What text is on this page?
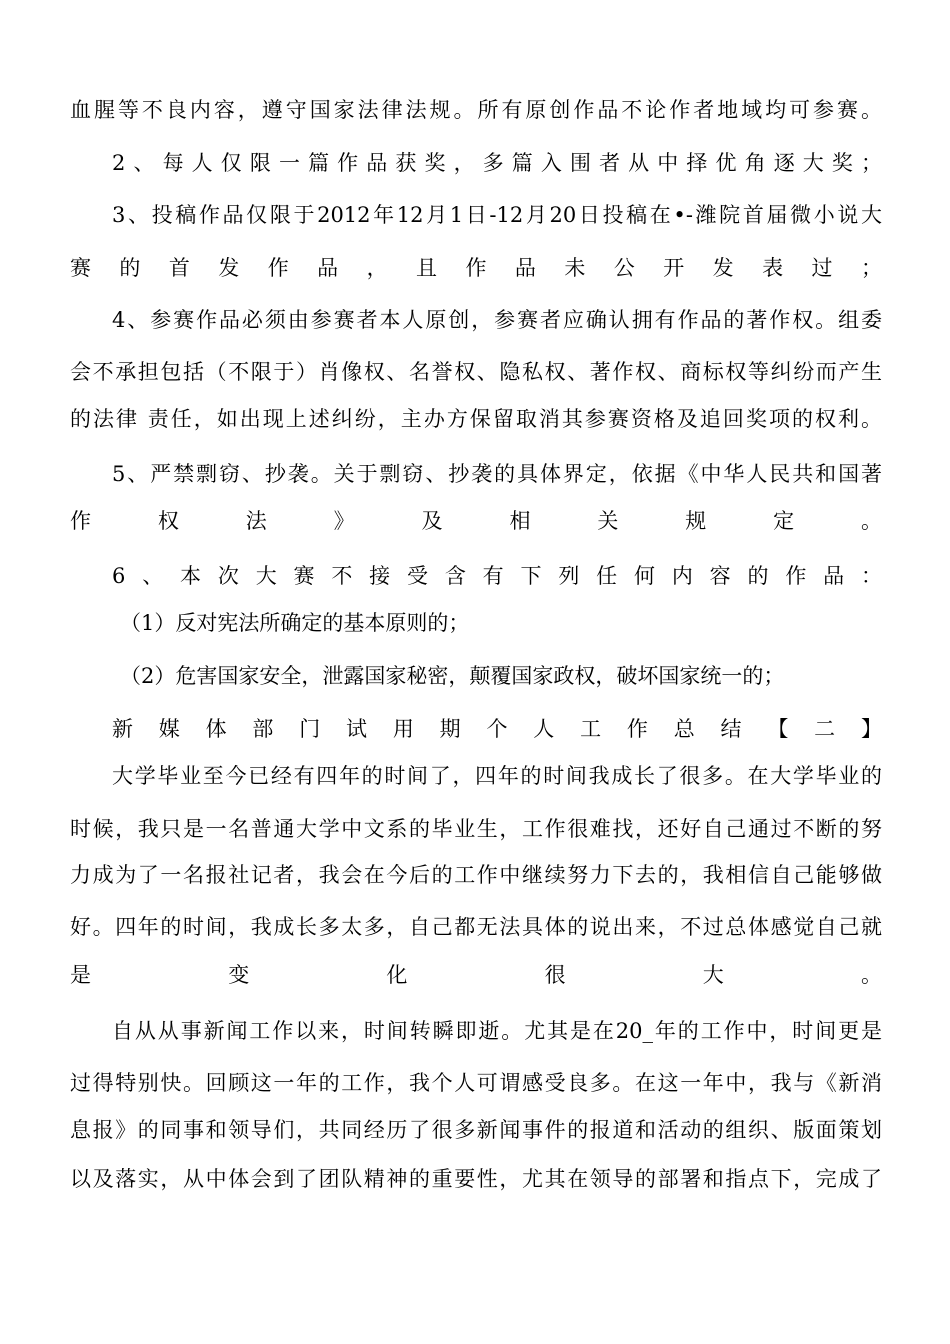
血腥等不良内容，遵守国家法律法规。所有原创作品不论作者地域均可参赛。
2、每人仅限一篇作品获奖，多篇入围者从中择优角逐大奖；
3、投稿作品仅限于2012年12月1日-12月20日投稿在•-潍院首届微小说大
赛的首发作品，且作品未公开发表过；
4、参赛作品必须由参赛者本人原创，参赛者应确认拥有作品的著作权。组委
会不承担包括（不限于）肖像权、名誉权、隐私权、著作权、商标权等纠纷而产生
的法律 责任，如出现上述纠纷，主办方保留取消其参赛资格及追回奖项的权利。
5、严禁剽窃、抄袭。关于剽窃、抄袭的具体界定，依据《中华人民共和国著
作权法》及相关规定。
6、本次大赛不接受含有下列任何内容的作品：
（1）反对宪法所确定的基本原则的；
（2）危害国家安全，泄露国家秘密，颠覆国家政权，破坏国家统一的；
新媒体部门试用期个人工作总结【二】
大学毕业至今已经有四年的时间了，四年的时间我成长了很多。在大学毕业的
时候，我只是一名普通大学中文系的毕业生，工作很难找，还好自己通过不断的努
力成为了一名报社记者，我会在今后的工作中继续努力下去的，我相信自己能够做
好。四年的时间，我成长多太多，自己都无法具体的说出来，不过总体感觉自己就
是变化很大。
自从从事新闻工作以来，时间转瞬即逝。尤其是在20_年的工作中，时间更是
过得特别快。回顾这一年的工作，我个人可谓感受良多。在这一年中，我与《新消
息报》的同事和领导们，共同经历了很多新闻事件的报道和活动的组织、版面策划
以及落实，从中体会到了团队精神的重要性，尤其在领导的部署和指点下，完成了
